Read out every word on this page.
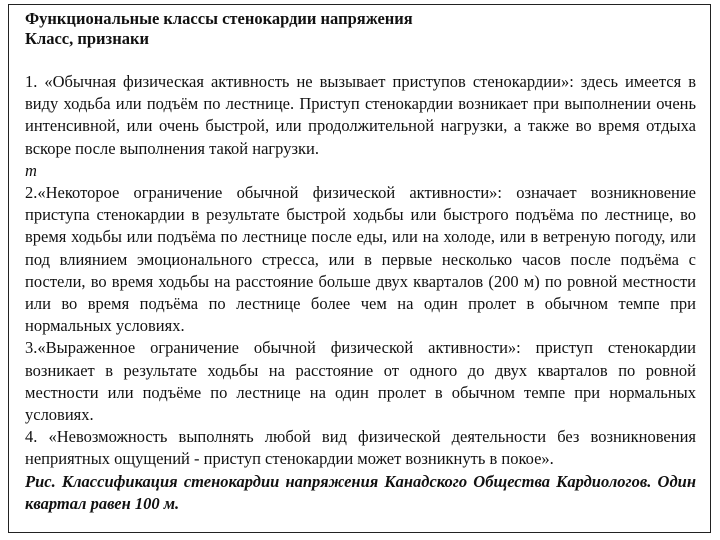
Функциональные классы стенокардии напряжения
Класс, признаки

1. «Обычная физическая активность не вызывает приступов стенокардии»: здесь имеется в виду ходьба или подъём по лестнице. Приступ стенокардии возникает при выполнении очень интенсивной, или очень быстрой, или продолжительной нагрузки, а также во время отдыха вскоре после выполнения такой нагрузки.

m

2.«Некоторое ограничение обычной физической активности»: означает возникновение приступа стенокардии в результате быстрой ходьбы или быстрого подъёма по лестнице, во время ходьбы или подъёма по лестнице после еды, или на холоде, или в ветреную погоду, или под влиянием эмоционального стресса, или в первые несколько часов после подъёма с постели, во время ходьбы на расстояние больше двух кварталов (200 м) по ровной местности или во время подъёма по лестнице более чем на один пролет в обычном темпе при нормальных условиях.

3.«Выраженное ограничение обычной физической активности»: приступ стенокардии возникает в результате ходьбы на расстояние от одного до двух кварталов по ровной местности или подъёме по лестнице на один пролет в обычном темпе при нормальных условиях.

4. «Невозможность выполнять любой вид физической деятельности без возникновения неприятных ощущений - приступ стенокардии может возникнуть в покое».

Рис. Классификация стенокардии напряжения Канадского Общества Кардиологов. Один квартал равен 100 м.
